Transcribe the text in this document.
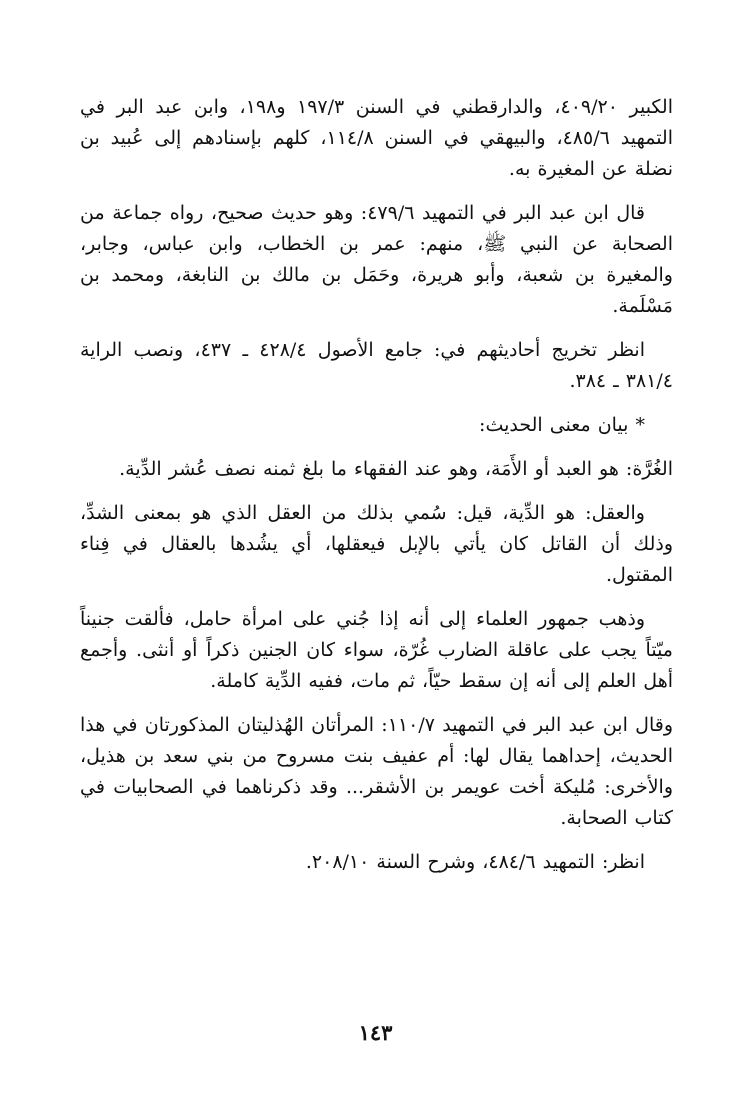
الكبير ٤٠٩/٢٠، والدارقطني في السنن ١٩٧/٣ و١٩٨، وابن عبد البر في التمهيد ٤٨٥/٦، والبيهقي في السنن ١١٤/٨، كلهم بإسنادهم إلى عُبيد بن نضلة عن المغيرة به.

قال ابن عبد البر في التمهيد ٤٧٩/٦: وهو حديث صحيح، رواه جماعة من الصحابة عن النبي ﷺ، منهم: عمر بن الخطاب، وابن عباس، وجابر، والمغيرة بن شعبة، وأبو هريرة، وحَمَل بن مالك بن النابغة، ومحمد بن مَسْلَمة.

انظر تخريج أحاديثهم في: جامع الأصول ٤٢٨/٤ ـ ٤٣٧، ونصب الراية ٣٨١/٤ ـ ٣٨٤.

* بيان معنى الحديث:

الغُرَّة: هو العبد أو الأَمَة، وهو عند الفقهاء ما بلغ ثمنه نصف عُشر الدِّية.

والعقل: هو الدِّية، قيل: سُمي بذلك من العقل الذي هو بمعنى الشدِّ، وذلك أن القاتل كان يأتي بالإبل فيعقلها، أي يشُدها بالعقال في فِناء المقتول.

وذهب جمهور العلماء إلى أنه إذا جُني على امرأة حامل، فألقت جنيناً ميّتاً يجب على عاقلة الضارب غُرّة، سواء كان الجنين ذكراً أو أنثى. وأجمع أهل العلم إلى أنه إن سقط حيّاً، ثم مات، ففيه الدِّية كاملة.

وقال ابن عبد البر في التمهيد ١١٠/٧: المرأتان الهُذليتان المذكورتان في هذا الحديث، إحداهما يقال لها: أم عفيف بنت مسروح من بني سعد بن هذيل، والأخرى: مُليكة أخت عويمر بن الأشقر... وقد ذكرناهما في الصحابيات في كتاب الصحابة.

انظر: التمهيد ٤٨٤/٦، وشرح السنة ٢٠٨/١٠.

١٤٣
